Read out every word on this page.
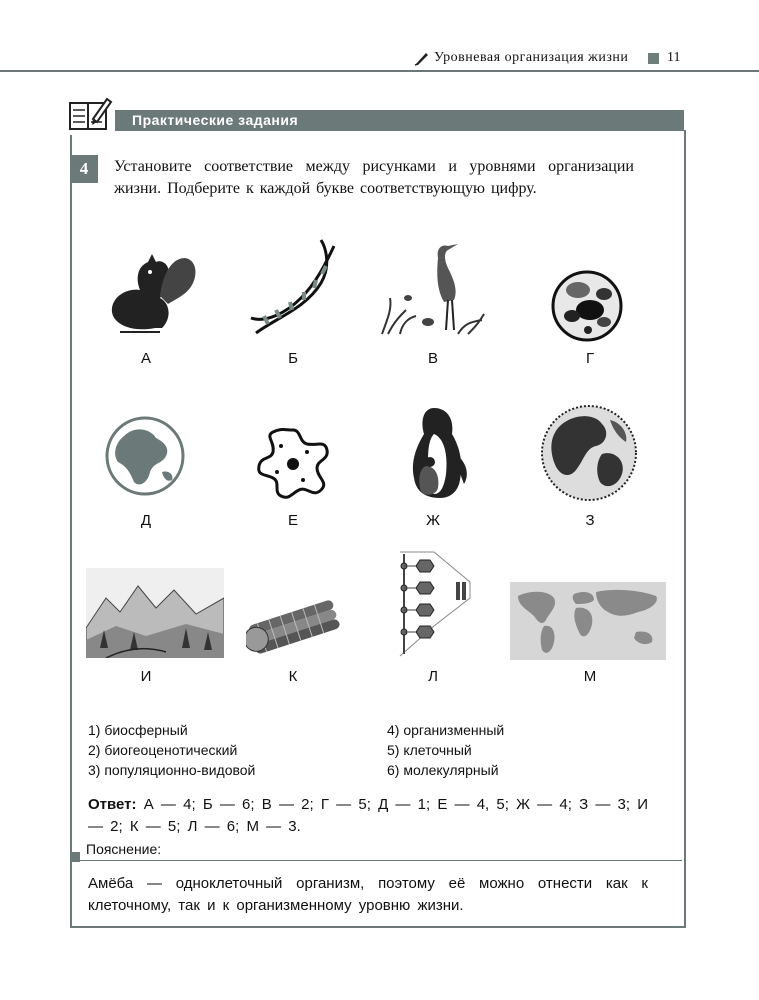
Уровневая организация жизни	11
Практические задания
4	Установите соответствие между рисунками и уровнями организации жизни. Подберите к каждой букве соответствующую цифру.
А	Б	В	Г
Д	Е	Ж	З
И	К	Л	М
1) биосферный
2) биогеоценотический
3) популяционно-видовой
4) организменный
5) клеточный
6) молекулярный
Ответ: А — 4; Б — 6; В — 2; Г — 5; Д — 1; Е — 4, 5; Ж — 4; З — 3; И — 2; К — 5; Л — 6; М — 3.
Пояснение:
Амёба — одноклеточный организм, поэтому её можно отнести как к клеточному, так и к организменному уровню жизни.
